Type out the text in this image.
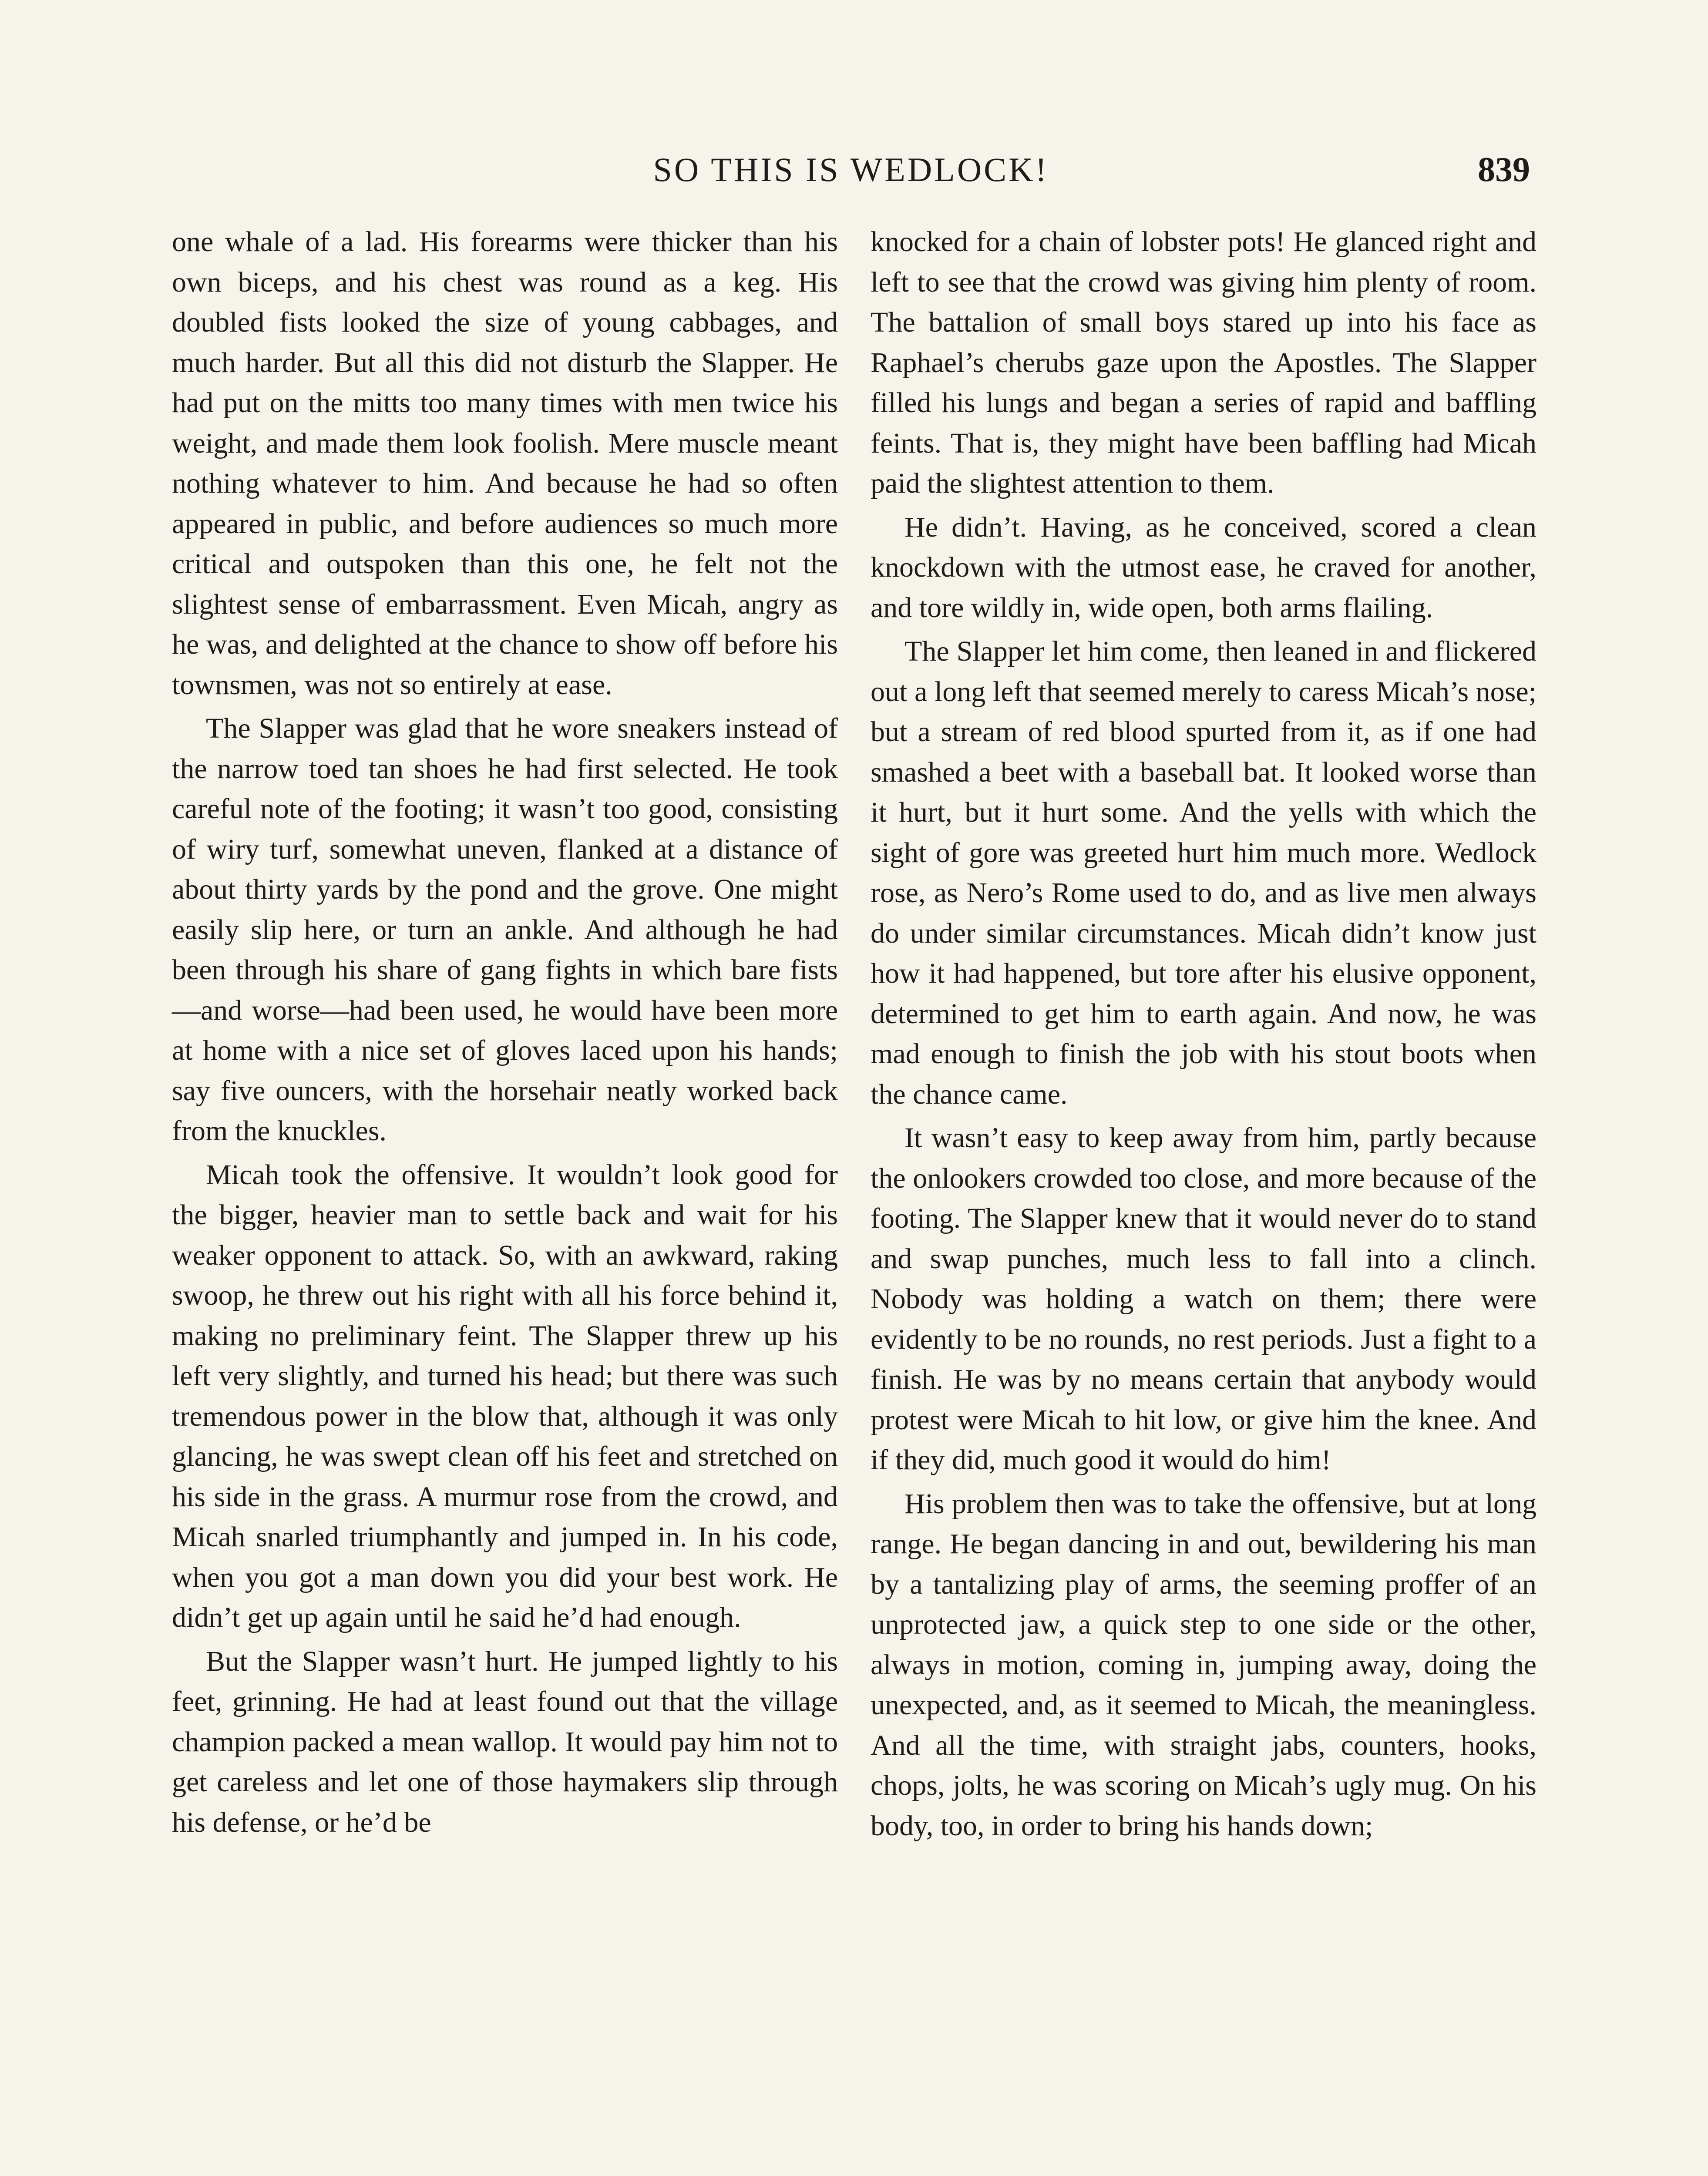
SO THIS IS WEDLOCK!	839

one whale of a lad. His forearms were thicker than his own biceps, and his chest was round as a keg. His doubled fists looked the size of young cabbages, and much harder. But all this did not disturb the Slapper. He had put on the mitts too many times with men twice his weight, and made them look foolish. Mere muscle meant nothing whatever to him. And because he had so often appeared in public, and before audiences so much more critical and outspoken than this one, he felt not the slightest sense of embarrassment. Even Micah, angry as he was, and delighted at the chance to show off before his townsmen, was not so entirely at ease.

The Slapper was glad that he wore sneakers instead of the narrow toed tan shoes he had first selected. He took careful note of the footing; it wasn’t too good, consisting of wiry turf, somewhat uneven, flanked at a distance of about thirty yards by the pond and the grove. One might easily slip here, or turn an ankle. And although he had been through his share of gang fights in which bare fists—and worse—had been used, he would have been more at home with a nice set of gloves laced upon his hands; say five ouncers, with the horsehair neatly worked back from the knuckles.

Micah took the offensive. It wouldn’t look good for the bigger, heavier man to settle back and wait for his weaker opponent to attack. So, with an awkward, raking swoop, he threw out his right with all his force behind it, making no preliminary feint. The Slapper threw up his left very slightly, and turned his head; but there was such tremendous power in the blow that, although it was only glancing, he was swept clean off his feet and stretched on his side in the grass. A murmur rose from the crowd, and Micah snarled triumphantly and jumped in. In his code, when you got a man down you did your best work. He didn’t get up again until he said he’d had enough.

But the Slapper wasn’t hurt. He jumped lightly to his feet, grinning. He had at least found out that the village champion packed a mean wallop. It would pay him not to get careless and let one of those haymakers slip through his defense, or he’d be

knocked for a chain of lobster pots! He glanced right and left to see that the crowd was giving him plenty of room. The battalion of small boys stared up into his face as Raphael’s cherubs gaze upon the Apostles. The Slapper filled his lungs and began a series of rapid and baffling feints. That is, they might have been baffling had Micah paid the slightest attention to them.

He didn’t. Having, as he conceived, scored a clean knockdown with the utmost ease, he craved for another, and tore wildly in, wide open, both arms flailing.

The Slapper let him come, then leaned in and flickered out a long left that seemed merely to caress Micah’s nose; but a stream of red blood spurted from it, as if one had smashed a beet with a baseball bat. It looked worse than it hurt, but it hurt some. And the yells with which the sight of gore was greeted hurt him much more. Wedlock rose, as Nero’s Rome used to do, and as live men always do under similar circumstances. Micah didn’t know just how it had happened, but tore after his elusive opponent, determined to get him to earth again. And now, he was mad enough to finish the job with his stout boots when the chance came.

It wasn’t easy to keep away from him, partly because the onlookers crowded too close, and more because of the footing. The Slapper knew that it would never do to stand and swap punches, much less to fall into a clinch. Nobody was holding a watch on them; there were evidently to be no rounds, no rest periods. Just a fight to a finish. He was by no means certain that anybody would protest were Micah to hit low, or give him the knee. And if they did, much good it would do him!

His problem then was to take the offensive, but at long range. He began dancing in and out, bewildering his man by a tantalizing play of arms, the seeming proffer of an unprotected jaw, a quick step to one side or the other, always in motion, coming in, jumping away, doing the unexpected, and, as it seemed to Micah, the meaningless. And all the time, with straight jabs, counters, hooks, chops, jolts, he was scoring on Micah’s ugly mug. On his body, too, in order to bring his hands down;
